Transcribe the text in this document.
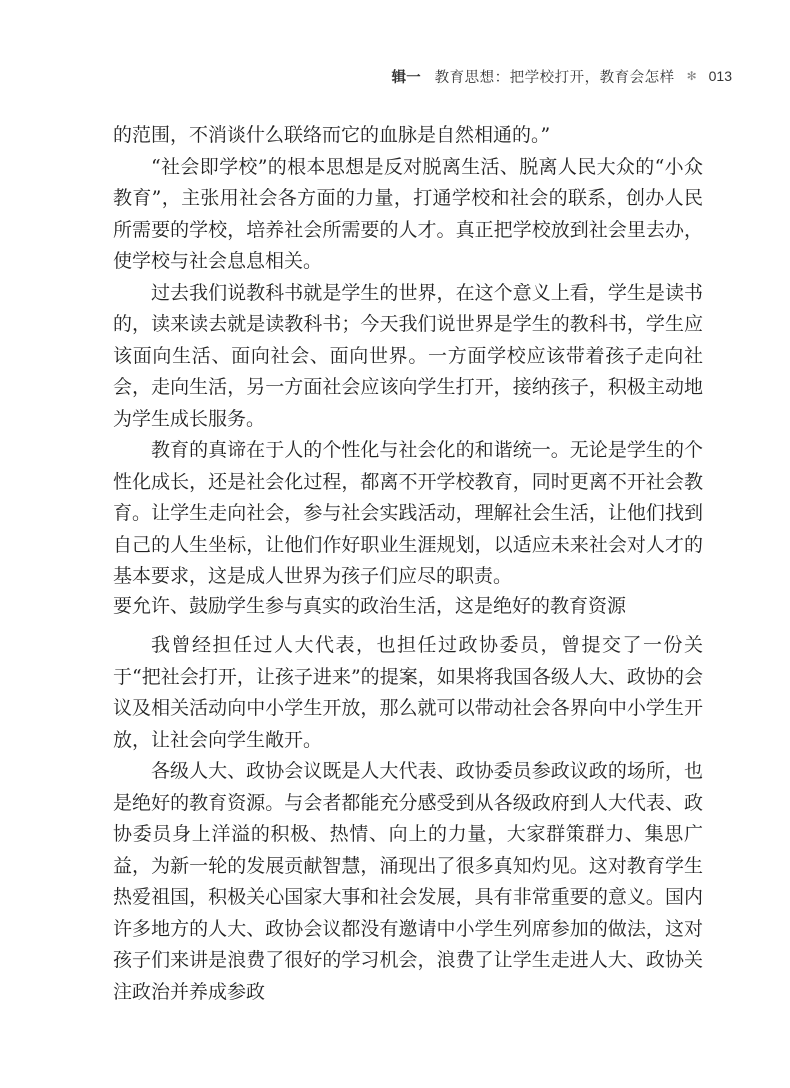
辑一 教育思想：把学校打开，教育会怎样 ✻ 013

的范围，不消谈什么联络而它的血脉是自然相通的。”

“社会即学校”的根本思想是反对脱离生活、脱离人民大众的“小众教育”，主张用社会各方面的力量，打通学校和社会的联系，创办人民所需要的学校，培养社会所需要的人才。真正把学校放到社会里去办，使学校与社会息息相关。

过去我们说教科书就是学生的世界，在这个意义上看，学生是读书的，读来读去就是读教科书；今天我们说世界是学生的教科书，学生应该面向生活、面向社会、面向世界。一方面学校应该带着孩子走向社会，走向生活，另一方面社会应该向学生打开，接纳孩子，积极主动地为学生成长服务。

教育的真谛在于人的个性化与社会化的和谐统一。无论是学生的个性化成长，还是社会化过程，都离不开学校教育，同时更离不开社会教育。让学生走向社会，参与社会实践活动，理解社会生活，让他们找到自己的人生坐标，让他们作好职业生涯规划，以适应未来社会对人才的基本要求，这是成人世界为孩子们应尽的职责。

要允许、鼓励学生参与真实的政治生活，这是绝好的教育资源

我曾经担任过人大代表，也担任过政协委员，曾提交了一份关于“把社会打开，让孩子进来”的提案，如果将我国各级人大、政协的会议及相关活动向中小学生开放，那么就可以带动社会各界向中小学生开放，让社会向学生敞开。

各级人大、政协会议既是人大代表、政协委员参政议政的场所，也是绝好的教育资源。与会者都能充分感受到从各级政府到人大代表、政协委员身上洋溢的积极、热情、向上的力量，大家群策群力、集思广益，为新一轮的发展贡献智慧，涌现出了很多真知灼见。这对教育学生热爱祖国，积极关心国家大事和社会发展，具有非常重要的意义。国内许多地方的人大、政协会议都没有邀请中小学生列席参加的做法，这对孩子们来讲是浪费了很好的学习机会，浪费了让学生走进人大、政协关注政治并养成参政
